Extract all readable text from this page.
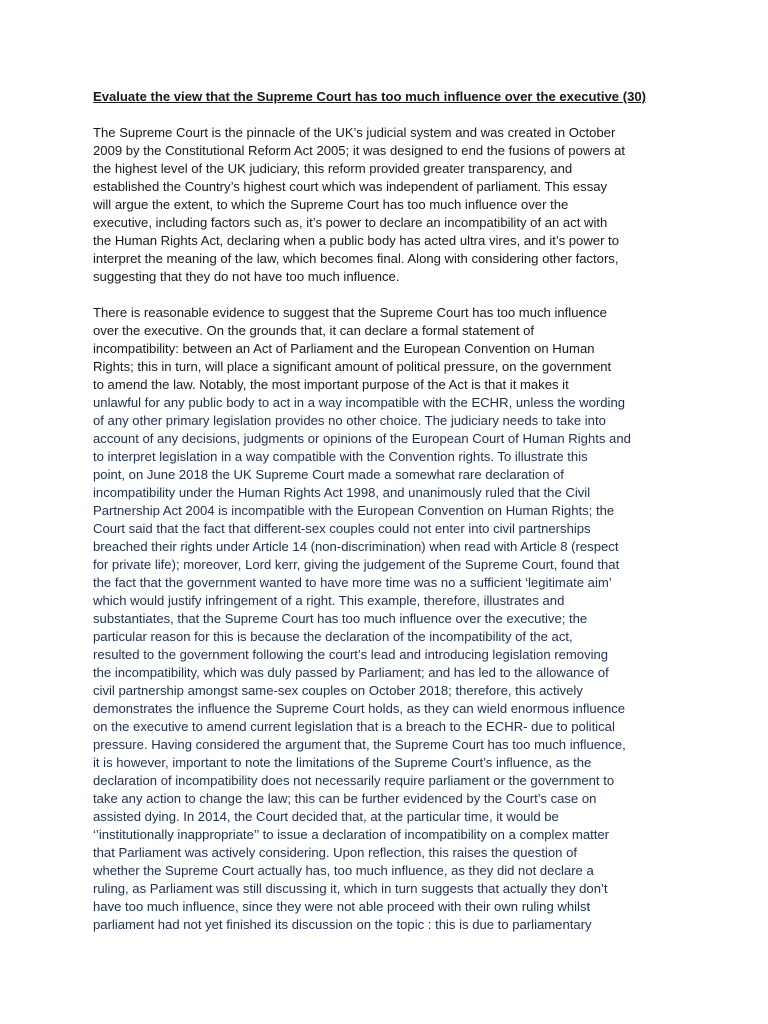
Evaluate the view that the Supreme Court has too much influence over the executive (30)
The Supreme Court is the pinnacle of the UK’s judicial system and was created in October
2009 by the Constitutional Reform Act 2005; it was designed to end the fusions of powers at
the highest level of the UK judiciary, this reform provided greater transparency, and
established the Country’s highest court which was independent of parliament. This essay
will argue the extent, to which the Supreme Court has too much influence over the
executive, including factors such as, it’s power to declare an incompatibility of an act with
the Human Rights Act, declaring when a public body has acted ultra vires, and it’s power to
interpret the meaning of the law, which becomes final. Along with considering other factors,
suggesting that they do not have too much influence.
There is reasonable evidence to suggest that the Supreme Court has too much influence
over the executive. On the grounds that, it can declare a formal statement of
incompatibility: between an Act of Parliament and the European Convention on Human
Rights; this in turn, will place a significant amount of political pressure, on the government
to amend the law. Notably, the most important purpose of the Act is that it makes it
unlawful for any public body to act in a way incompatible with the ECHR, unless the wording
of any other primary legislation provides no other choice. The judiciary needs to take into
account of any decisions, judgments or opinions of the European Court of Human Rights and
to interpret legislation in a way compatible with the Convention rights. To illustrate this
point, on June 2018 the UK Supreme Court made a somewhat rare declaration of
incompatibility under the Human Rights Act 1998, and unanimously ruled that the Civil
Partnership Act 2004 is incompatible with the European Convention on Human Rights; the
Court said that the fact that different-sex couples could not enter into civil partnerships
breached their rights under Article 14 (non-discrimination) when read with Article 8 (respect
for private life); moreover, Lord kerr, giving the judgement of the Supreme Court, found that
the fact that the government wanted to have more time was no a sufficient ‘legitimate aim’
which would justify infringement of a right. This example, therefore, illustrates and
substantiates, that the Supreme Court has too much influence over the executive; the
particular reason for this is because the declaration of the incompatibility of the act,
resulted to the government following the court’s lead and introducing legislation removing
the incompatibility, which was duly passed by Parliament; and has led to the allowance of
civil partnership amongst same-sex couples on October 2018; therefore, this actively
demonstrates the influence the Supreme Court holds, as they can wield enormous influence
on the executive to amend current legislation that is a breach to the ECHR- due to political
pressure. Having considered the argument that, the Supreme Court has too much influence,
it is however, important to note the limitations of the Supreme Court’s influence, as the
declaration of incompatibility does not necessarily require parliament or the government to
take any action to change the law; this can be further evidenced by the Court’s case on
assisted dying. In 2014, the Court decided that, at the particular time, it would be
‘’institutionally inappropriate’’ to issue a declaration of incompatibility on a complex matter
that Parliament was actively considering. Upon reflection, this raises the question of
whether the Supreme Court actually has, too much influence, as they did not declare a
ruling, as Parliament was still discussing it, which in turn suggests that actually they don’t
have too much influence, since they were not able proceed with their own ruling whilst
parliament had not yet finished its discussion on the topic : this is due to parliamentary
